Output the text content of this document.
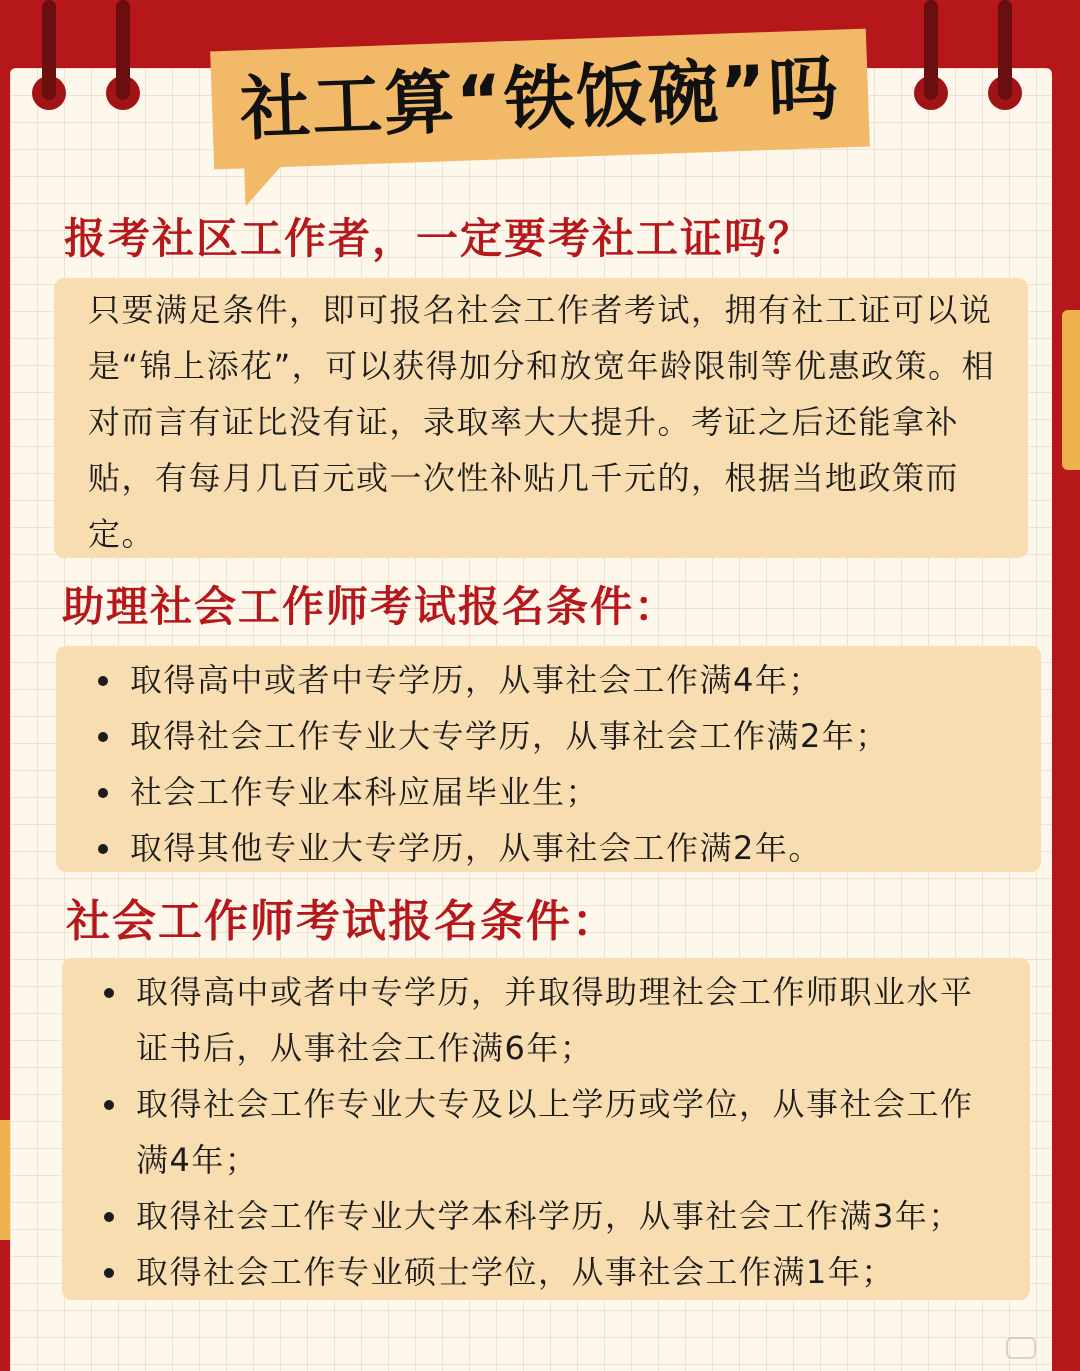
社工算“铁饭碗”吗
报考社区工作者，一定要考社工证吗？
只要满足条件，即可报名社会工作者考试，拥有社工证可以说是“锦上添花”，可以获得加分和放宽年龄限制等优惠政策。相对而言有证比没有证，录取率大大提升。考证之后还能拿补贴，有每月几百元或一次性补贴几千元的，根据当地政策而定。
助理社会工作师考试报名条件：
取得高中或者中专学历，从事社会工作满4年；
取得社会工作专业大专学历，从事社会工作满2年；
社会工作专业本科应届毕业生；
取得其他专业大专学历，从事社会工作满2年。
社会工作师考试报名条件：
取得高中或者中专学历，并取得助理社会工作师职业水平证书后，从事社会工作满6年；
取得社会工作专业大专及以上学历或学位，从事社会工作满4年；
取得社会工作专业大学本科学历，从事社会工作满3年；
取得社会工作专业硕士学位，从事社会工作满1年；
